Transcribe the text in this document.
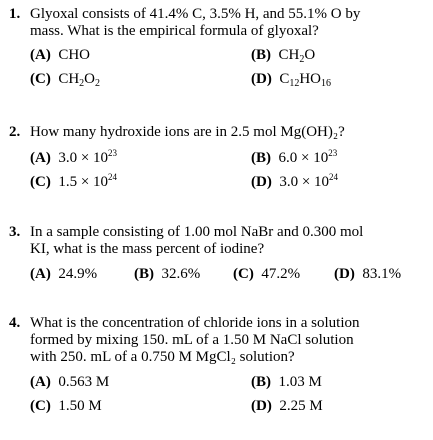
1. Glyoxal consists of 41.4% C, 3.5% H, and 55.1% O by
mass. What is the empirical formula of glyoxal?
(A) CHO	(B) $CH_2O$
(C) $CH_2O_2$	(D) $C_{12}HO_{16}$
2. How many hydroxide ions are in 2.5 mol Mg(OH)₂?
(A) $3.0 \times 10^{23}$	(B) $6.0 \times 10^{23}$
(C) $1.5 \times 10^{24}$	(D) $3.0 \times 10^{24}$
3. In a sample consisting of 1.00 mol NaBr and 0.300 mol
KI, what is the mass percent of iodine?
(A) 24.9% (B) 32.6% (C) 47.2% (D) 83.1%
4. What is the concentration of chloride ions in a solution
formed by mixing 150. mL of a 1.50 M NaCl solution
with 250. mL of a 0.750 M MgCl₂ solution?
(A) 0.563 M	(B) 1.03 M
(C) 1.50 M	(D) 2.25 M
